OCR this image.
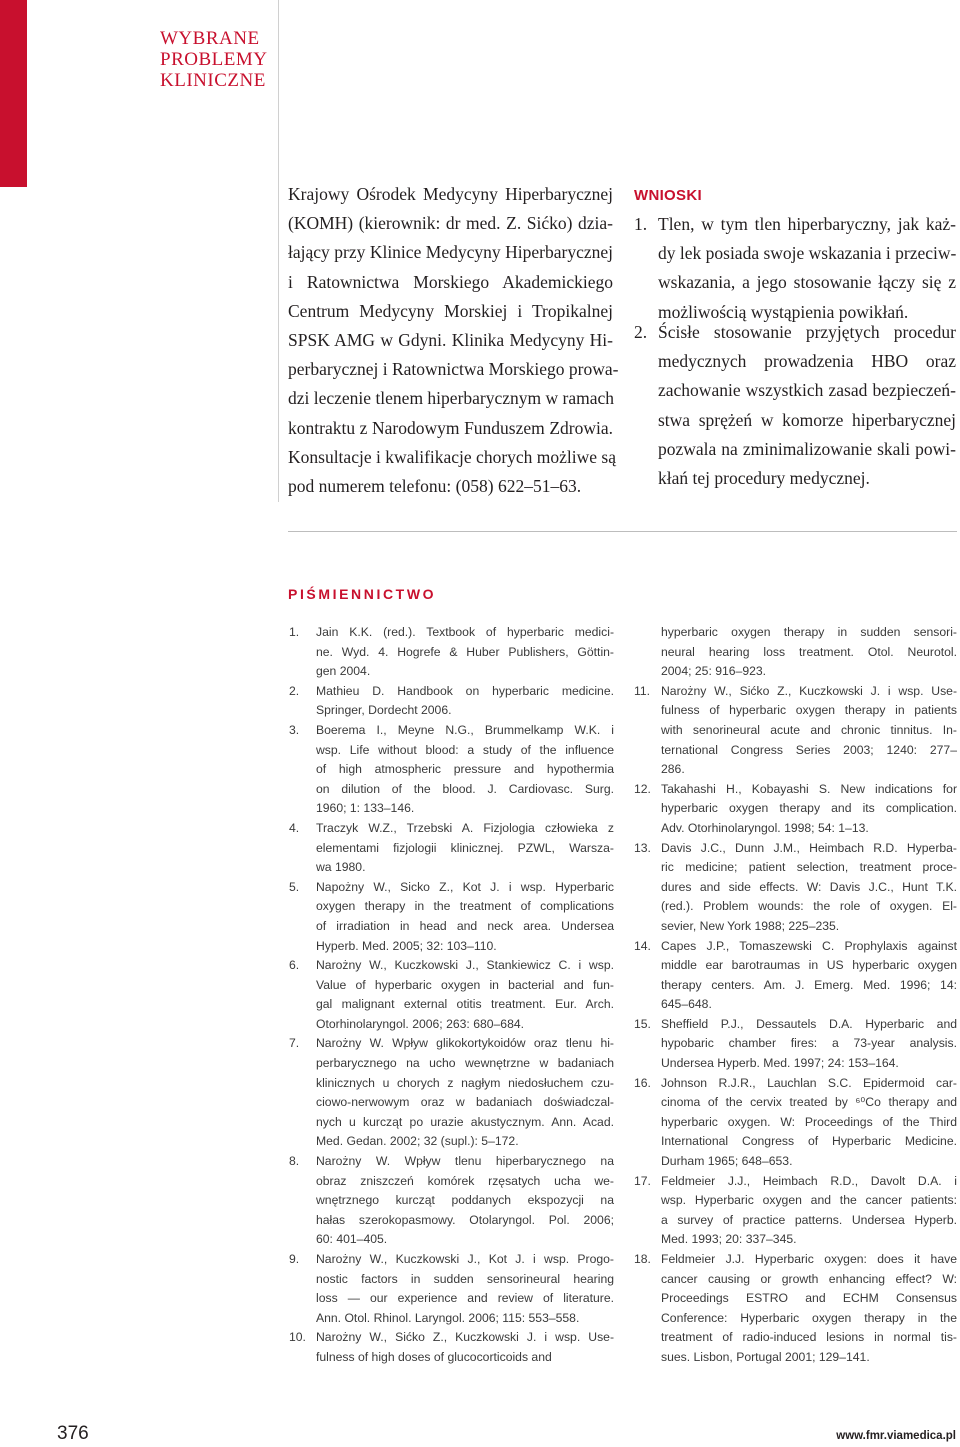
WYBRANE
PROBLEMY
KLINICZNE
Krajowy Ośrodek Medycyny Hiperbarycznej
(KOMH) (kierownik: dr med. Z. Sićko) dzia-
łający przy Klinice Medycyny Hiperbarycznej
i Ratownictwa Morskiego Akademickiego
Centrum Medycyny Morskiej i Tropikalnej
SPSK AMG w Gdyni. Klinika Medycyny Hi-
perbarycznej i Ratownictwa Morskiego prowa-
dzi leczenie tlenem hiperbarycznym w ramach
kontraktu z Narodowym Funduszem Zdrowia.
Konsultacje i kwalifikacje chorych możliwe są
pod numerem telefonu: (058) 622–51–63.
WNIOSKI
1. Tlen, w tym tlen hiperbaryczny, jak każ-
dy lek posiada swoje wskazania i przeciw-
wskazania, a jego stosowanie łączy się z
możliwością wystąpienia powikłań.
2. Ścisłe stosowanie przyjętych procedur
medycznych prowadzenia HBO oraz
zachowanie wszystkich zasad bezpieczeń-
stwa sprężeń w komorze hiperbarycznej
pozwala na zminimalizowanie skali powi-
kłań tej procedury medycznej.
PIŚMIENNICTWO
1. Jain K.K. (red.). Textbook of hyperbaric medici-
ne. Wyd. 4. Hogrefe & Huber Publishers, Göttin-
gen 2004.
2. Mathieu D. Handbook on hyperbaric medicine.
Springer, Dordecht 2006.
3. Boerema I., Meyne N.G., Brummelkamp W.K. i
wsp. Life without blood: a study of the influence
of high atmospheric pressure and hypothermia
on dilution of the blood. J. Cardiovasc. Surg.
1960; 1: 133–146.
4. Traczyk W.Z., Trzebski A. Fizjologia człowieka z
elementami fizjologii klinicznej. PZWL, Warsza-
wa 1980.
5. Nарożny W., Sicko Z., Kot J. i wsp. Hyperbaric
oxygen therapy in the treatment of complications
of irradiation in head and neck area. Undersea
Hyperb. Med. 2005; 32: 103–110.
6. Narożny W., Kuczkowski J., Stankiewicz C. i wsp.
Value of hyperbaric oxygen in bacterial and fun-
gal malignant external otitis treatment. Eur. Arch.
Otorhinolaryngol. 2006; 263: 680–684.
7. Narożny W. Wpływ glikokortykoidów oraz tlenu hi-
perbarycznego na ucho wewnętrzne w badaniach
klinicznych u chorych z nagłym niedosłuchem czu-
ciowo-nerwowym oraz w badaniach doświadczal-
nych u kurcząt po urazie akustycznym. Ann. Acad.
Med. Gedan. 2002; 32 (supl.): 5–172.
8. Narożny W. Wpływ tlenu hiperbarycznego na
obraz zniszczeń komórek rzęsatych ucha we-
wnętrznego kurcząt poddanych ekspozycji na
hałas szerokopasmowy. Otolaryngol. Pol. 2006;
60: 401–405.
9. Narożny W., Kuczkowski J., Kot J. i wsp. Progo-
nostic factors in sudden sensorineural hearing
loss — our experience and review of literature.
Ann. Otol. Rhinol. Laryngol. 2006; 115: 553–558.
10. Narożny W., Sićko Z., Kuczkowski J. i wsp. Use-
fulness of high doses of glucocorticoids and
hyperbaric oxygen therapy in sudden sensori-
neural hearing loss treatment. Otol. Neurotol.
2004; 25: 916–923.
11. Narożny W., Sićko Z., Kuczkowski J. i wsp. Use-
fulness of hyperbaric oxygen therapy in patients
with senorineural acute and chronic tinnitus. In-
ternational Congress Series 2003; 1240: 277–
286.
12. Takahashi H., Kobayashi S. New indications for
hyperbaric oxygen therapy and its complication.
Adv. Otorhinolaryngol. 1998; 54: 1–13.
13. Davis J.C., Dunn J.M., Heimbach R.D. Hyperba-
ric medicine; patient selection, treatment proce-
dures and side effects. W: Davis J.C., Hunt T.K.
(red.). Problem wounds: the role of oxygen. El-
sevier, New York 1988; 225–235.
14. Capes J.P., Tomaszewski C. Prophylaxis against
middle ear barotraumas in US hyperbaric oxygen
therapy centers. Am. J. Emerg. Med. 1996; 14:
645–648.
15. Sheffield P.J., Dessautels D.A. Hyperbaric and
hypobaric chamber fires: a 73-year analysis.
Undersea Hyperb. Med. 1997; 24: 153–164.
16. Johnson R.J.R., Lauchlan S.C. Epidermoid car-
cinoma of the cervix treated by ⁶⁰Co therapy and
hyperbaric oxygen. W: Proceedings of the Third
International Congress of Hyperbaric Medicine.
Durham 1965; 648–653.
17. Feldmeier J.J., Heimbach R.D., Davolt D.A. i
wsp. Hyperbaric oxygen and the cancer patients:
a survey of practice patterns. Undersea Hyperb.
Med. 1993; 20: 337–345.
18. Feldmeier J.J. Hyperbaric oxygen: does it have
cancer causing or growth enhancing effect? W:
Proceedings ESTRO and ECHM Consensus
Conference: Hyperbaric oxygen therapy in the
treatment of radio-induced lesions in normal tis-
sues. Lisbon, Portugal 2001; 129–141.
376	www.fmr.viamedica.pl
